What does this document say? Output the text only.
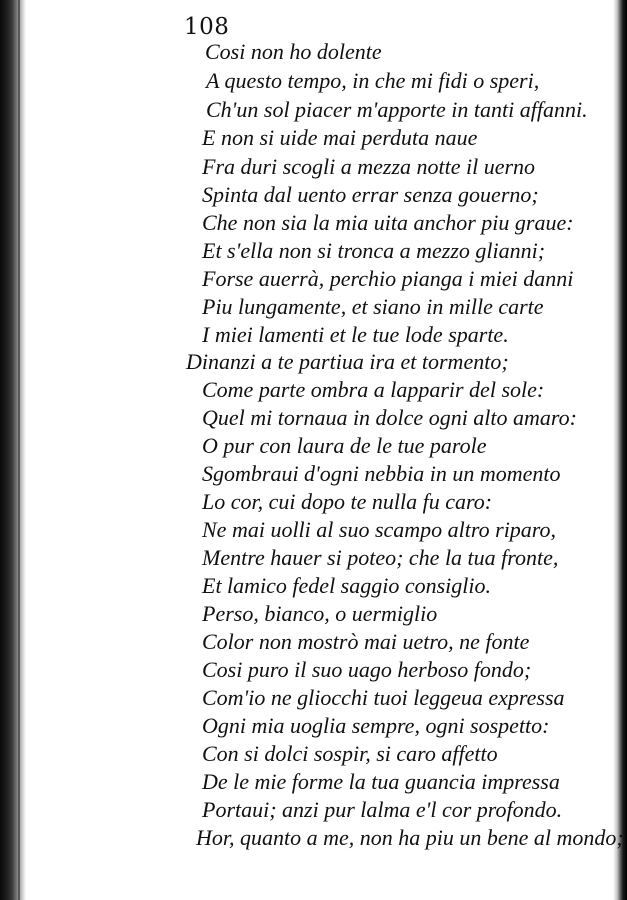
108
Cosi non ho dolente
A questo tempo, in che mi fidi o speri,
Ch'un sol piacer m'apporte in tanti affanni.
E non si uide mai perduta naue
Fra duri scogli a mezza notte il uerno
Spinta dal uento errar senza gouerno;
Che non sia la mia uita anchor piu graue:
Et s'ella non si tronca a mezzo glianni;
Forse auerrà, perchio pianga i miei danni
Piu lungamente, et siano in mille carte
I miei lamenti et le tue lode sparte.
Dinanzi a te partiua ira et tormento;
Come parte ombra a lapparir del sole:
Quel mi tornaua in dolce ogni alto amaro:
O pur con laura de le tue parole
Sgombraui d'ogni nebbia in un momento
Lo cor, cui dopo te nulla fu caro:
Ne mai uolli al suo scampo altro riparo,
Mentre hauer si poteo; che la tua fronte,
Et lamico fedel saggio consiglio.
Perso, bianco, o uermiglio
Color non mostrò mai uetro, ne fonte
Cosi puro il suo uago herboso fondo;
Com'io ne gliocchi tuoi leggeua expressa
Ogni mia uoglia sempre, ogni sospetto:
Con si dolci sospir, si caro affetto
De le mie forme la tua guancia impressa
Portaui; anzi pur lalma e'l cor profondo.
Hor, quanto a me, non ha piu un bene al mondo;
